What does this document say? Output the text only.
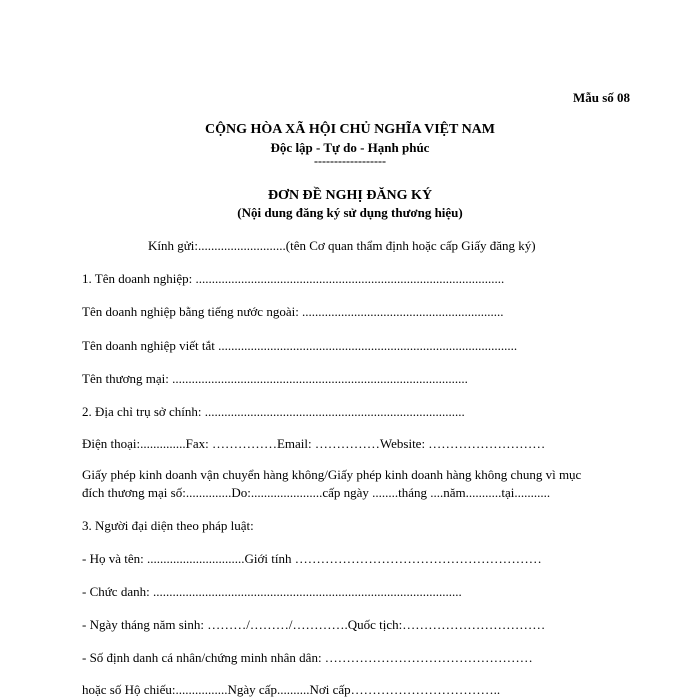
Mẫu số 08
CỘNG HÒA XÃ HỘI CHỦ NGHĨA VIỆT NAM
Độc lập - Tự do - Hạnh phúc
------------------
ĐƠN ĐỀ NGHỊ ĐĂNG KÝ
(Nội dung đăng ký sử dụng thương hiệu)
Kính gửi:...........................(tên Cơ quan thẩm định hoặc cấp Giấy đăng ký)
1. Tên doanh nghiệp: ...............................................................................................
Tên doanh nghiệp bằng tiếng nước ngoài: ..............................................................
Tên doanh nghiệp viết tắt ............................................................................................
Tên thương mại: ...........................................................................................
2. Địa chỉ trụ sở chính: ................................................................................
Điện thoại:..............Fax: ……………Email: ……………Website: ………………………
Giấy phép kinh doanh vận chuyển hàng không/Giấy phép kinh doanh hàng không chung vì mục
đích thương mại số:..............Do:......................cấp ngày ........tháng ....năm...........tại...........
3. Người đại diện theo pháp luật:
- Họ và tên: ..............................Giới tính …………………………………………………
- Chức danh: ...............................................................................................
- Ngày tháng năm sinh: ………/………/………….Quốc tịch:……………………………
- Số định danh cá nhân/chứng minh nhân dân: …………………………………………
hoặc số Hộ chiếu:................Ngày cấp..........Nơi cấp……………………………..
